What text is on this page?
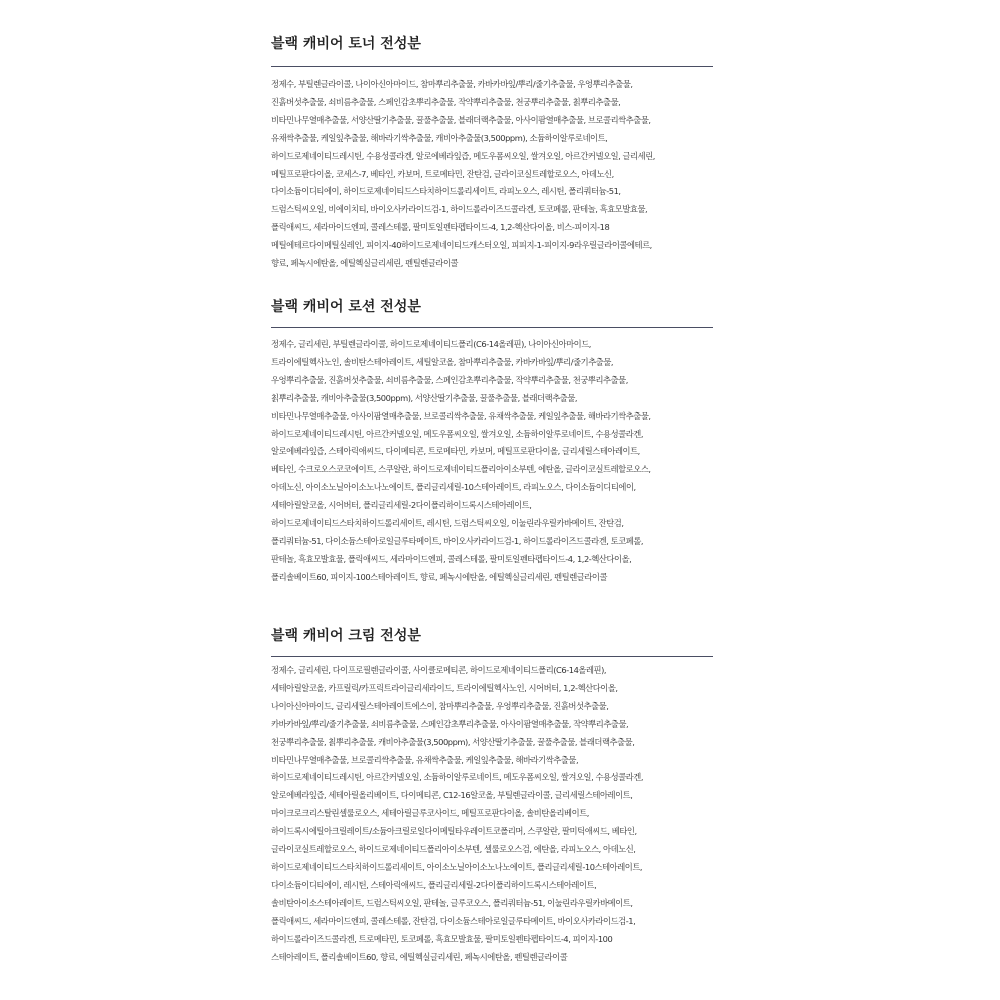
블랙 캐비어 토너 전성분
정제수, 부틸렌글라이콜, 나이아신아마이드, 참마뿌리추출물, 카바카바잎/뿌리/줄기추출물, 우엉뿌리추출물,
진흙버섯추출물, 쇠비름추출물, 스페인감초뿌리추출물, 작약뿌리추출물, 천궁뿌리추출물, 칡뿌리추출물,
비타민나무열매추출물, 서양산딸기추출물, 꿀풀추출물, 블래더랙추출물, 아사이팜열매추출물, 브로콜리싹추출물,
유채싹추출물, 케일잎추출물, 해바라기싹추출물, 캐비아추출물(3,500ppm), 소듐하이알루로네이트,
하이드로제네이티드레시틴, 수용성콜라겐, 알로에베라잎즙, 메도우폼씨오일, 쌀겨오일, 아르간커넬오일, 글리세린,
메틸프로판다이올, 코세스-7, 베타인, 카보머, 트로메타민, 잔탄검, 글라이코실트레할로오스, 아데노신,
다이소듐이디티에이, 하이드로제네이티드스타치하이드롤리세이트, 라피노오스, 레시틴, 폴리쿼터늄-51,
드럼스틱씨오일, 비에이치티, 바이오사카라이드검-1, 하이드롤라이즈드콜라겐, 토코페롤, 판테놀, 흑효모발효물,
폴릭애씨드, 세라마이드엔피, 콜레스테롤, 팔미토일펜타펩타이드-4, 1,2-헥산다이올, 비스-피이지-18
메틸에테르다이메틸실레인, 피이지-40하이드로제네이티드캐스터오일, 피피지-1-피이지-9라우릴글라이콜에테르,
향료, 페녹시에탄올, 에틸헥실글리세린, 펜틸렌글라이콜
블랙 캐비어 로션 전성분
정제수, 글리세린, 부틸렌글라이콜, 하이드로제네이티드폴리(C6-14올레핀), 나이아신아마이드,
트라이에틸헥사노인, 솔비탄스테아레이트, 세틸알코올, 참마뿌리추출물, 카바카바잎/뿌리/줄기추출물,
우엉뿌리추출물, 진흙버섯추출물, 쇠비름추출물, 스페인감초뿌리추출물, 작약뿌리추출물, 천궁뿌리추출물,
칡뿌리추출물, 캐비아추출물(3,500ppm), 서양산딸기추출물, 꿀풀추출물, 블래더랙추출물,
비타민나무열매추출물, 아사이팜열매추출물, 브로콜리싹추출물, 유채싹추출물, 케일잎추출물, 해바라기싹추출물,
하이드로제네이티드레시틴, 아르간커넬오일, 메도우폼씨오일, 쌀겨오일, 소듐하이알루로네이트, 수용성콜라겐,
알로에베라잎즙, 스테아릭애씨드, 다이메티콘, 트로메타민, 카보머, 메틸프로판다이올, 글리세릴스테아레이트,
베타인, 수크로오스코코에이트, 스쿠알란, 하이드로제네이티드폴리아이소부텐, 에탄올, 글라이코실트레할로오스,
아데노신, 아이소노닐아이소노나노에이트, 폴리글리세릴-10스테아레이트, 라피노오스, 다이소듐이디티에이,
세테아릴알코올, 시어버터, 폴리글리세릴-2다이폴리하이드록시스테아레이트,
하이드로제네이티드스타치하이드롤리세이트, 레시틴, 드럼스틱씨오일, 이눌린라우릴카바메이트, 잔탄검,
폴리쿼터늄-51, 다이소듐스테아로일글루타메이트, 바이오사카라이드검-1, 하이드롤라이즈드콜라겐, 토코페롤,
판테놀, 흑효모발효물, 폴릭애씨드, 세라마이드엔피, 콜레스테롤, 팔미토일펜타펩타이드-4, 1,2-헥산다이올,
폴리솔베이트60, 피이지-100스테아레이트, 향료, 페녹시에탄올, 에틸헥실글리세린, 펜틸렌글라이콜
블랙 캐비어 크림 전성분
정제수, 글리세린, 다이프로필렌글라이콜, 사이클로메티콘, 하이드로제네이티드폴리(C6-14올레핀),
세테아릴알코올, 카프릴릭/카프릭트라이글리세라이드, 트라이에틸헥사노인, 시어버터, 1,2-헥산다이올,
나이아신아마이드, 글리세릴스테아레이트에스이, 참마뿌리추출물, 우엉뿌리추출물, 진흙버섯추출물,
카바카바잎/뿌리/줄기추출물, 쇠비름추출물, 스페인감초뿌리추출물, 아사이팜열매추출물, 작약뿌리추출물,
천궁뿌리추출물, 칡뿌리추출물, 캐비아추출물(3,500ppm), 서양산딸기추출물, 꿀풀추출물, 블래더랙추출물,
비타민나무열매추출물, 브로콜리싹추출물, 유채싹추출물, 케일잎추출물, 해바라기싹추출물,
하이드로제네이티드레시틴, 아르간커넬오일, 소듐하이알루로네이트, 메도우폼씨오일, 쌀겨오일, 수용성콜라겐,
알로에베라잎즙, 세테아릴올리베이트, 다이메티콘, C12-16알코올, 부틸렌글라이콜, 글리세릴스테아레이트,
마이크로크리스탈린셀룰로오스, 세테아릴글루코사이드, 메틸프로판다이올, 솔비탄올리베이트,
하이드록시에틸아크릴레이트/소듐아크릴로일다이메틸타우레이트코폴리머, 스쿠알란, 팔미틱애씨드, 베타인,
글라이코실트레할로오스, 하이드로제네이티드폴리아이소부텐, 셀룰로오스검, 에탄올, 라피노오스, 아데노신,
하이드로제네이티드스타치하이드롤리세이트, 아이소노닐아이소노나노에이트, 폴리글리세릴-10스테아레이트,
다이소듐이디티에이, 레시틴, 스테아릭애씨드, 폴리글리세릴-2다이폴리하이드록시스테아레이트,
솔비탄아이소스테아레이트, 드럼스틱씨오일, 판테놀, 글루코오스, 폴리쿼터늄-51, 이눌린라우릴카바메이트,
폴릭애씨드, 세라마이드엔피, 콜레스테롤, 잔탄검, 다이소듐스테아로일글루타메이트, 바이오사카라이드검-1,
하이드롤라이즈드콜라겐, 트로메타민, 토코페롤, 흑효모발효물, 팔미토일펜타펩타이드-4, 피이지-100
스테아레이트, 폴리솔베이트60, 향료, 에틸헥실글리세린, 페녹시에탄올, 펜틸렌글라이콜
